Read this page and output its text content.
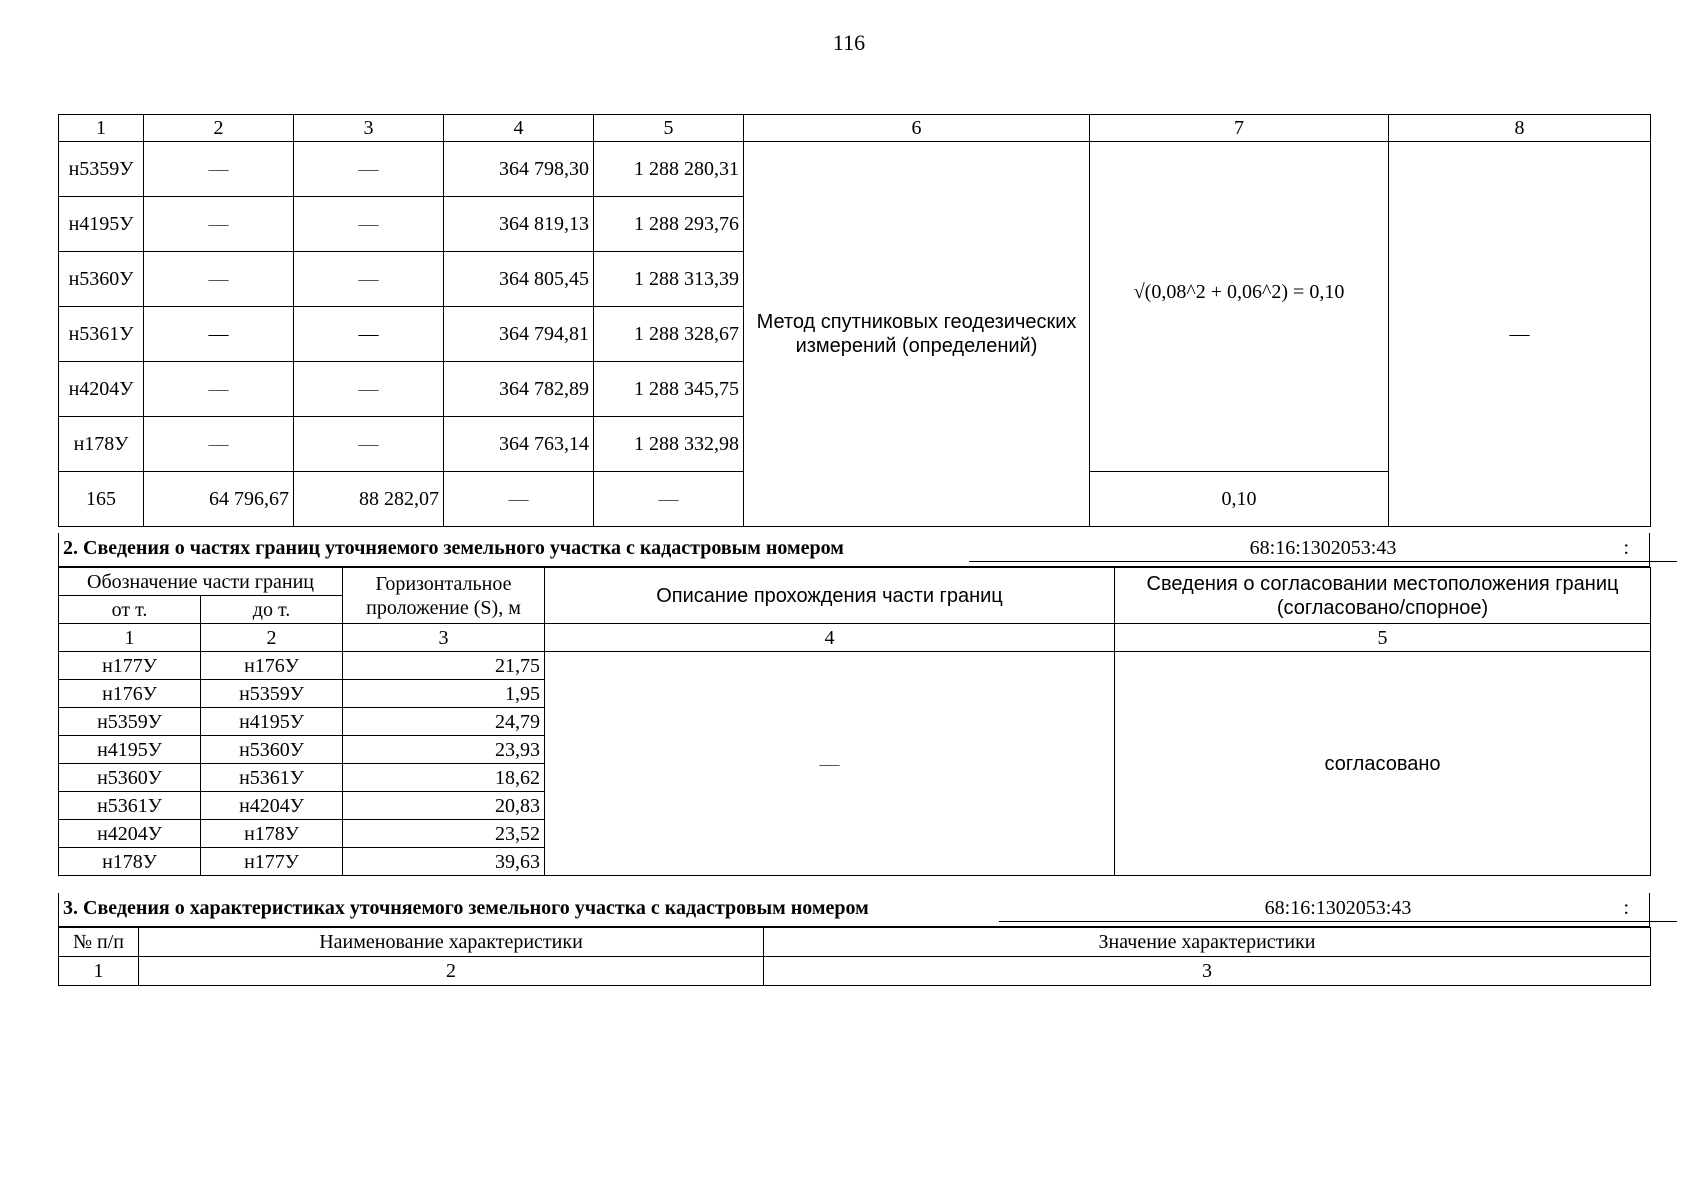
116
1	2	3	4	5	6	7	8
н5359У	—	—	364 798,30	1 288 280,31	Метод спутниковых геодезических измерений (определений)	√(0,08^2 + 0,06^2) = 0,10	—
н4195У	—	—	364 819,13	1 288 293,76			
н5360У	—	—	364 805,45	1 288 313,39			
н5361У	—	—	364 794,81	1 288 328,67			
н4204У	—	—	364 782,89	1 288 345,75			
н178У	—	—	364 763,14	1 288 332,98			
165	64 796,67	88 282,07	—	—		0,10	
2. Сведения о частях границ уточняемого земельного участка с кадастровым номером	68:16:1302053:43	:
Обозначение части границ		Горизонтальное проложение (S), м	Описание прохождения части границ	Сведения о согласовании местоположения границ (согласовано/спорное)
от т.	до т.			
1	2	3	4	5
н177У	н176У	21,75	—	согласовано
н176У	н5359У	1,95		
н5359У	н4195У	24,79		
н4195У	н5360У	23,93		
н5360У	н5361У	18,62		
н5361У	н4204У	20,83		
н4204У	н178У	23,52		
н178У	н177У	39,63		
3. Сведения о характеристиках уточняемого земельного участка с кадастровым номером	68:16:1302053:43	:
№ п/п	Наименование характеристики	Значение характеристики
1	2	3
